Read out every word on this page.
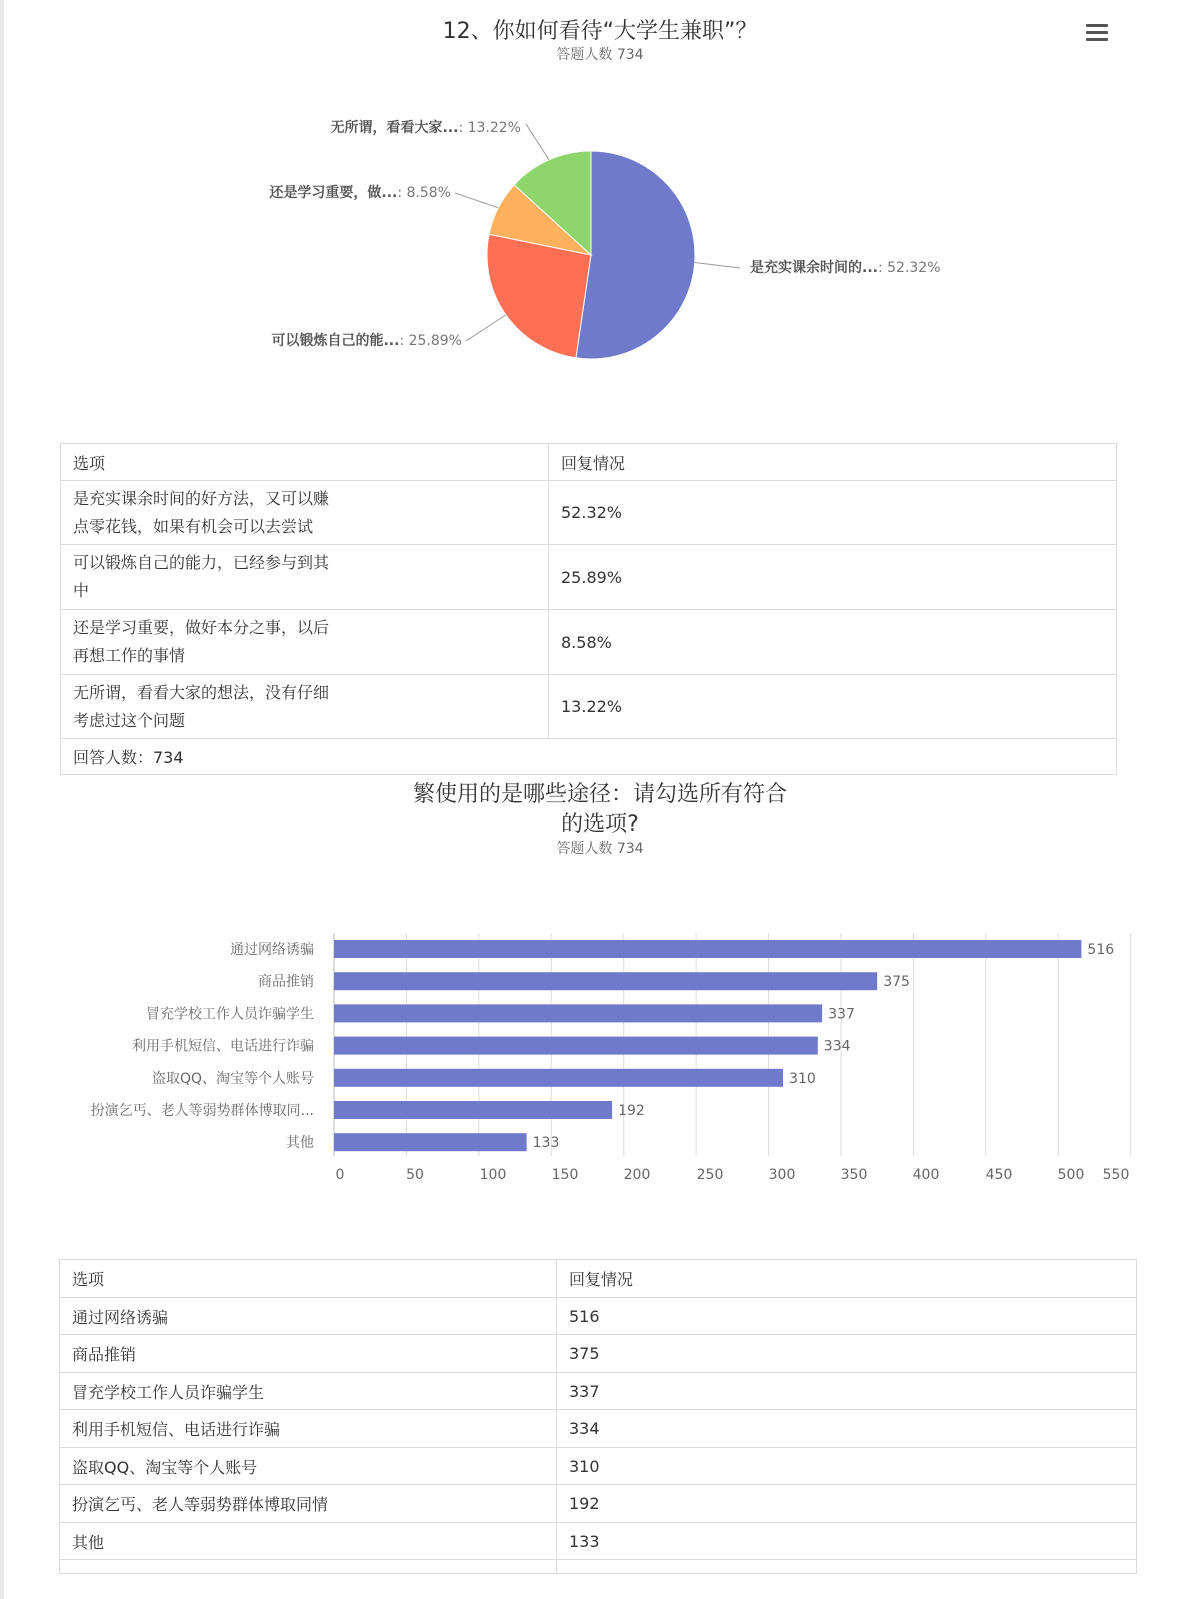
12、你如何看待“大学生兼职”？
答题人数 734
是充实课余时间的...: 52.32%
可以锻炼自己的能...: 25.89%
还是学习重要，做...: 8.58%
无所谓，看看大家...: 13.22%
选项	回复情况

是充实课余时间的好方法，又可以赚
点零花钱，如果有机会可以去尝试	52.32%

可以锻炼自己的能力，已经参与到其
中	25.89%

还是学习重要，做好本分之事，以后
再想工作的事情	8.58%

无所谓，看看大家的想法，没有仔细
考虑过这个问题	13.22%
回答人数：734	
繁使用的是哪些途径：请勾选所有符合
的选项?
答题人数 734
0	50	100	150	200	250	300	350	400	450	500 550
通过网络诱骗	516
商品推销	375
冒充学校工作人员诈骗学生	337
利用手机短信、电话进行诈骗	334
盗取QQ、淘宝等个人账号	310
扮演乞丐、老人等弱势群体博取同...	192
其他	133
选项	回复情况
通过网络诱骗	516
商品推销	375
冒充学校工作人员诈骗学生	337
利用手机短信、电话进行诈骗	334
盗取QQ、淘宝等个人账号	310
扮演乞丐、老人等弱势群体博取同情	192
其他	133
